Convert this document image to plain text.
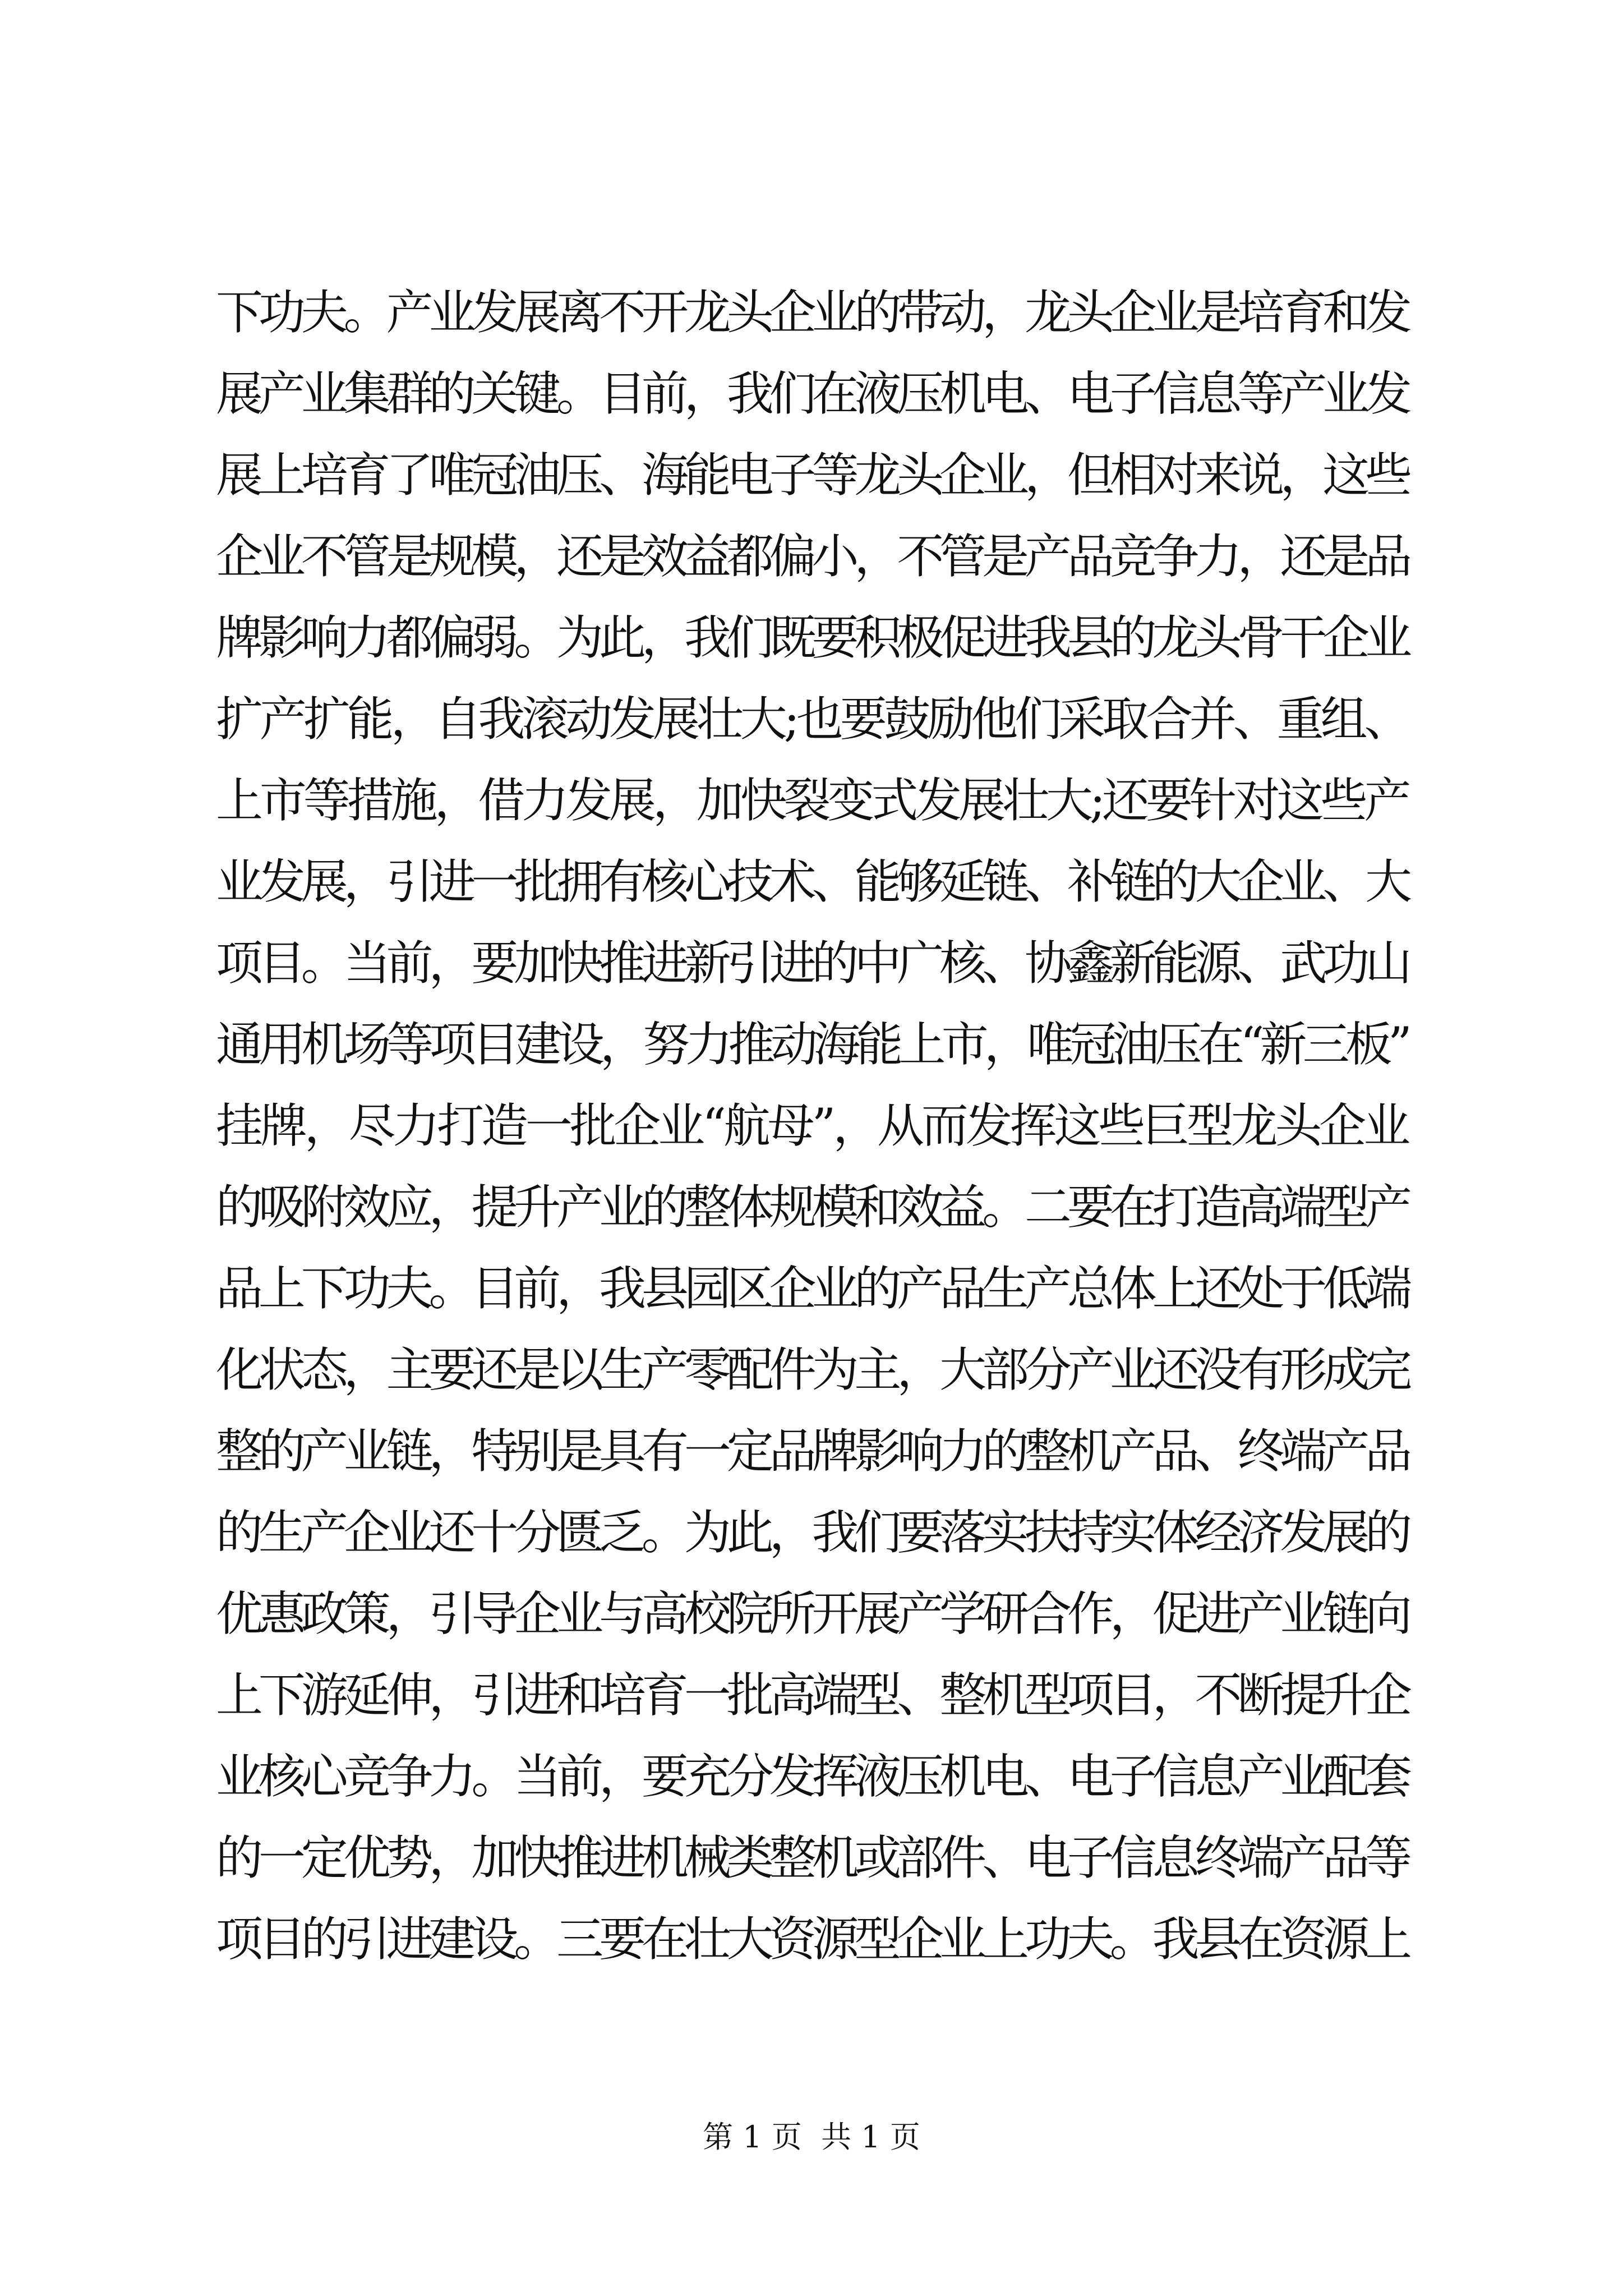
下功夫。产业发展离不开龙头企业的带动，龙头企业是培育和发
展产业集群的关键。目前，我们在液压机电、电子信息等产业发
展上培育了唯冠油压、海能电子等龙头企业，但相对来说，这些
企业不管是规模，还是效益都偏小，不管是产品竞争力，还是品
牌影响力都偏弱。为此，我们既要积极促进我县的龙头骨干企业
扩产扩能，自我滚动发展壮大;也要鼓励他们采取合并、重组、
上市等措施，借力发展，加快裂变式发展壮大;还要针对这些产
业发展，引进一批拥有核心技术、能够延链、补链的大企业、大
项目。当前，要加快推进新引进的中广核、协鑫新能源、武功山
通用机场等项目建设，努力推动海能上市，唯冠油压在“新三板”
挂牌，尽力打造一批企业“航母”，从而发挥这些巨型龙头企业
的吸附效应，提升产业的整体规模和效益。二要在打造高端型产
品上下功夫。目前，我县园区企业的产品生产总体上还处于低端
化状态，主要还是以生产零配件为主，大部分产业还没有形成完
整的产业链，特别是具有一定品牌影响力的整机产品、终端产品
的生产企业还十分匮乏。为此，我们要落实扶持实体经济发展的
优惠政策，引导企业与高校院所开展产学研合作，促进产业链向
上下游延伸，引进和培育一批高端型、整机型项目，不断提升企
业核心竞争力。当前，要充分发挥液压机电、电子信息产业配套
的一定优势，加快推进机械类整机或部件、电子信息终端产品等
项目的引进建设。三要在壮大资源型企业上功夫。我县在资源上
第 1 页  共 1 页
